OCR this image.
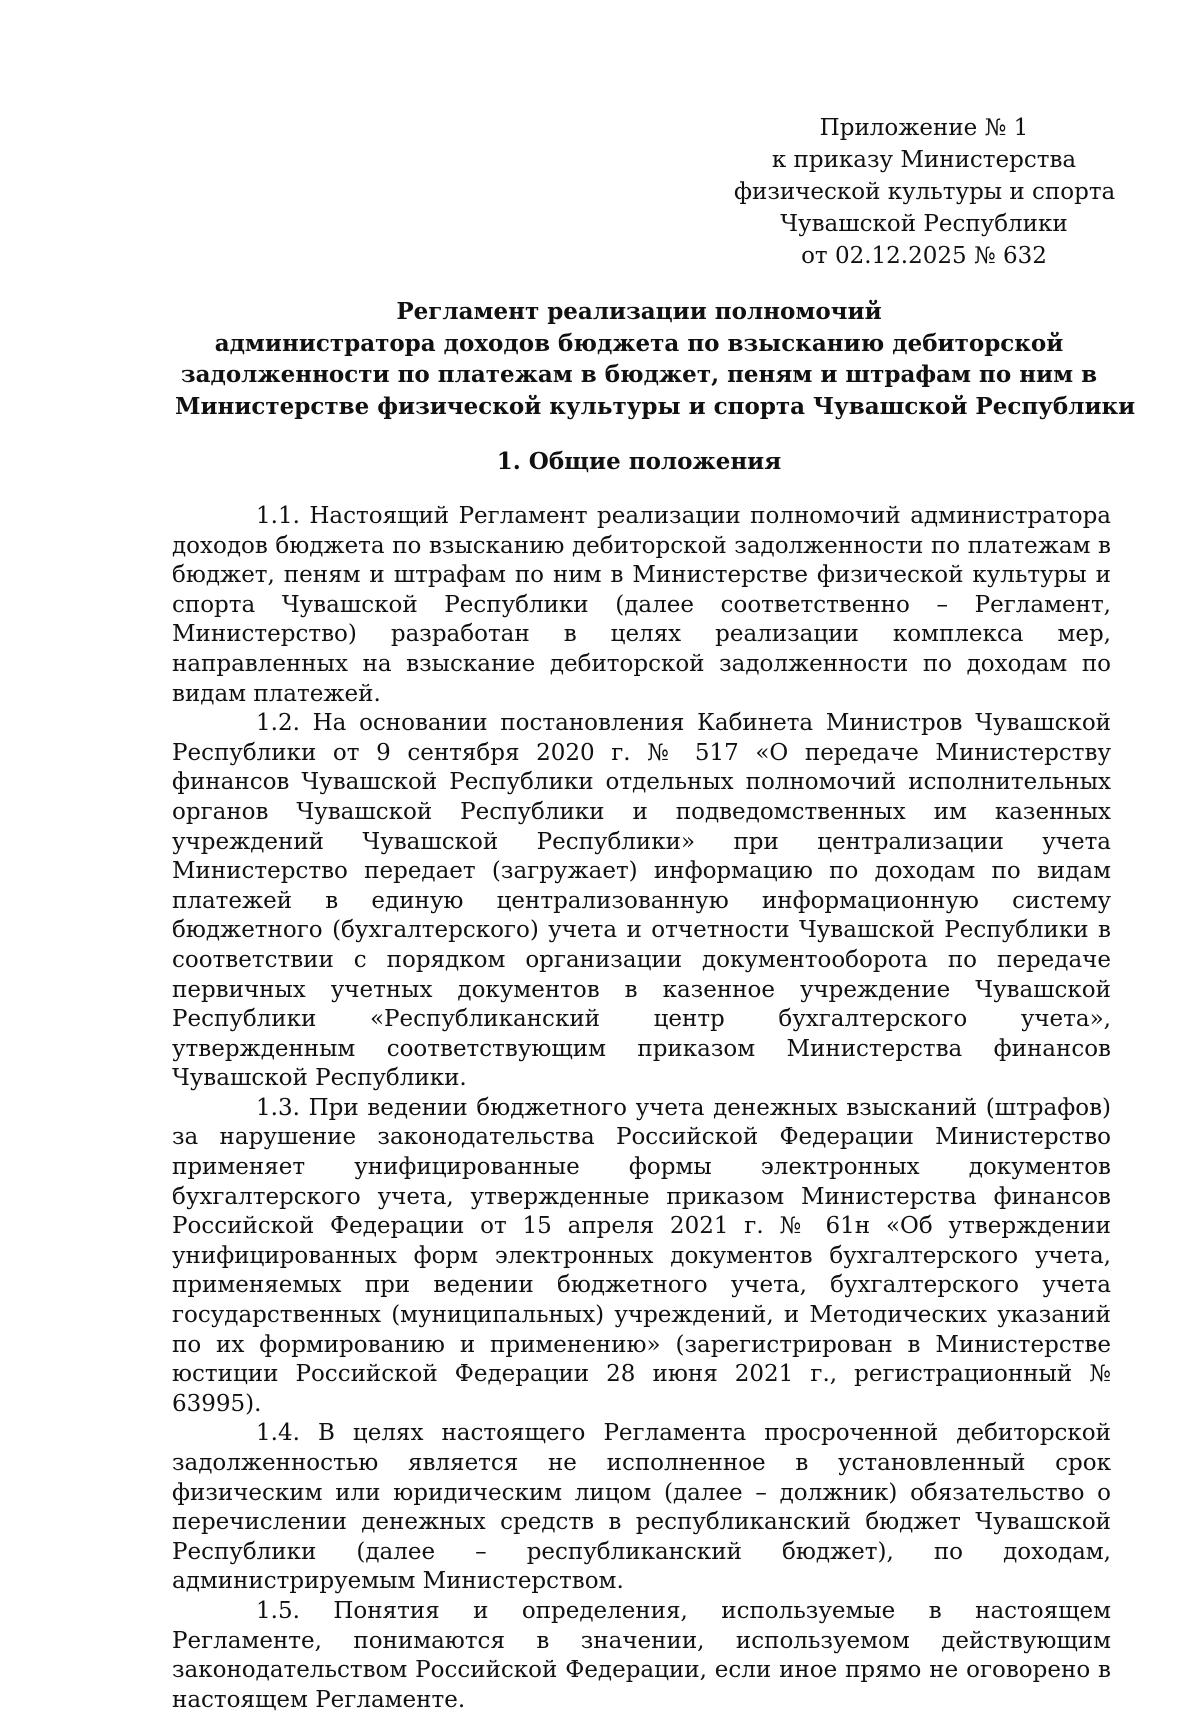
Приложение № 1
к приказу Министерства
физической культуры и спорта
Чувашской Республики
от 02.12.2025 № 632
Регламент реализации полномочий
администратора доходов бюджета по взысканию дебиторской
задолженности по платежам в бюджет, пеням и штрафам по ним в
Министерстве физической культуры и спорта Чувашской Республики
1. Общие положения

1.1. Настоящий Регламент реализации полномочий администратора доходов бюджета по взысканию дебиторской задолженности по платежам в бюджет, пеням и штрафам по ним в Министерстве физической культуры и спорта Чувашской Республики (далее соответственно – Регламент, Министерство) разработан в целях реализации комплекса мер, направленных на взыскание дебиторской задолженности по доходам по видам платежей.

1.2. На основании постановления Кабинета Министров Чувашской Республики от 9 сентября 2020 г. № 517 «О передаче Министерству финансов Чувашской Республики отдельных полномочий исполнительных органов Чувашской Республики и подведомственных им казенных учреждений Чувашской Республики» при централизации учета Министерство передает (загружает) информацию по доходам по видам платежей в единую централизованную информационную систему бюджетного (бухгалтерского) учета и отчетности Чувашской Республики в соответствии с порядком организации документооборота по передаче первичных учетных документов в казенное учреждение Чувашской Республики «Республиканский центр бухгалтерского учета», утвержденным соответствующим приказом Министерства финансов Чувашской Республики.

1.3. При ведении бюджетного учета денежных взысканий (штрафов) за нарушение законодательства Российской Федерации Министерство применяет унифицированные формы электронных документов бухгалтерского учета, утвержденные приказом Министерства финансов Российской Федерации от 15 апреля 2021 г. № 61н «Об утверждении унифицированных форм электронных документов бухгалтерского учета, применяемых при ведении бюджетного учета, бухгалтерского учета государственных (муниципальных) учреждений, и Методических указаний по их формированию и применению» (зарегистрирован в Министерстве юстиции Российской Федерации 28 июня 2021 г., регистрационный № 63995).

1.4. В целях настоящего Регламента просроченной дебиторской задолженностью является не исполненное в установленный срок физическим или юридическим лицом (далее – должник) обязательство о перечислении денежных средств в республиканский бюджет Чувашской Республики (далее – республиканский бюджет), по доходам, администрируемым Министерством.

1.5. Понятия и определения, используемые в настоящем Регламенте, понимаются в значении, используемом действующим законодательством Российской Федерации, если иное прямо не оговорено в настоящем Регламенте.
